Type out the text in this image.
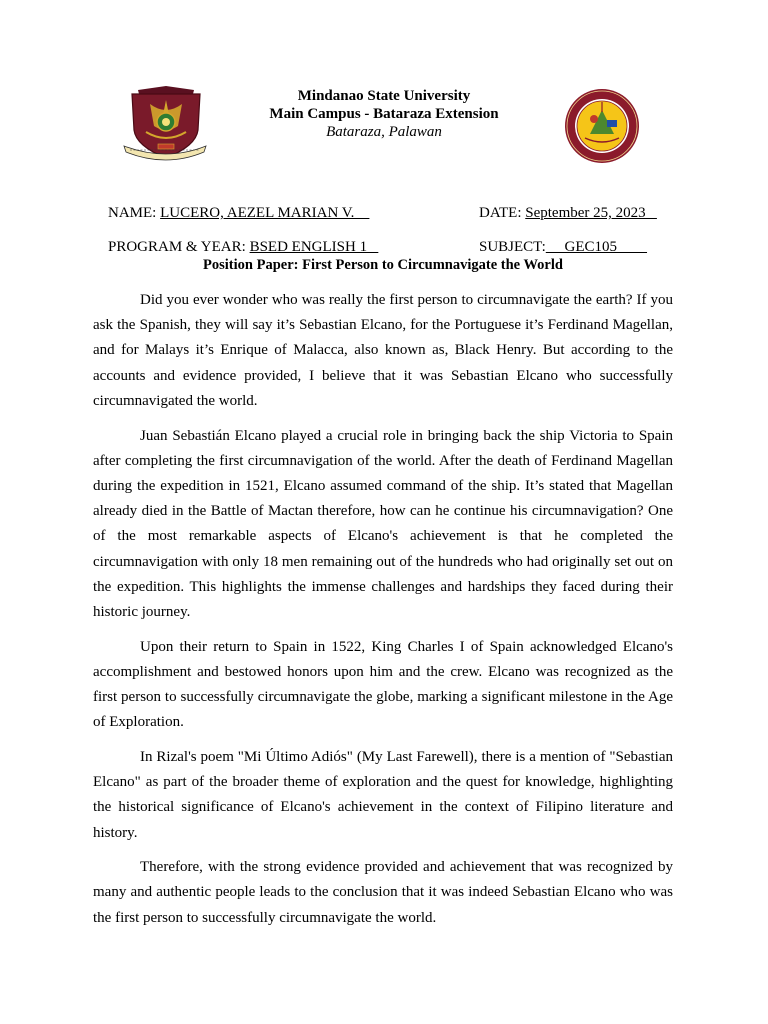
Mindanao State University
Main Campus - Bataraza Extension
Bataraza, Palawan

NAME: LUCERO, AEZEL MARIAN V.
	DATE: September 25, 2023

PROGRAM & YEAR: BSED ENGLISH 1
	SUBJECT:     GEC105

Position Paper: First Person to Circumnavigate the World

Did you ever wonder who was really the first person to circumnavigate the earth? If you ask the Spanish, they will say it’s Sebastian Elcano, for the Portuguese it’s Ferdinand Magellan, and for Malays it’s Enrique of Malacca, also known as, Black Henry. But according to the accounts and evidence provided, I believe that it was Sebastian Elcano who successfully circumnavigated the world.

Juan Sebastián Elcano played a crucial role in bringing back the ship Victoria to Spain after completing the first circumnavigation of the world. After the death of Ferdinand Magellan during the expedition in 1521, Elcano assumed command of the ship. It’s stated that Magellan already died in the Battle of Mactan therefore, how can he continue his circumnavigation? One of the most remarkable aspects of Elcano's achievement is that he completed the circumnavigation with only 18 men remaining out of the hundreds who had originally set out on the expedition. This highlights the immense challenges and hardships they faced during their historic journey.

Upon their return to Spain in 1522, King Charles I of Spain acknowledged Elcano's accomplishment and bestowed honors upon him and the crew. Elcano was recognized as the first person to successfully circumnavigate the globe, marking a significant milestone in the Age of Exploration.

In Rizal's poem "Mi Último Adiós" (My Last Farewell), there is a mention of "Sebastian Elcano" as part of the broader theme of exploration and the quest for knowledge, highlighting the historical significance of Elcano's achievement in the context of Filipino literature and history.

Therefore, with the strong evidence provided and achievement that was recognized by many and authentic people leads to the conclusion that it was indeed Sebastian Elcano who was the first person to successfully circumnavigate the world.
